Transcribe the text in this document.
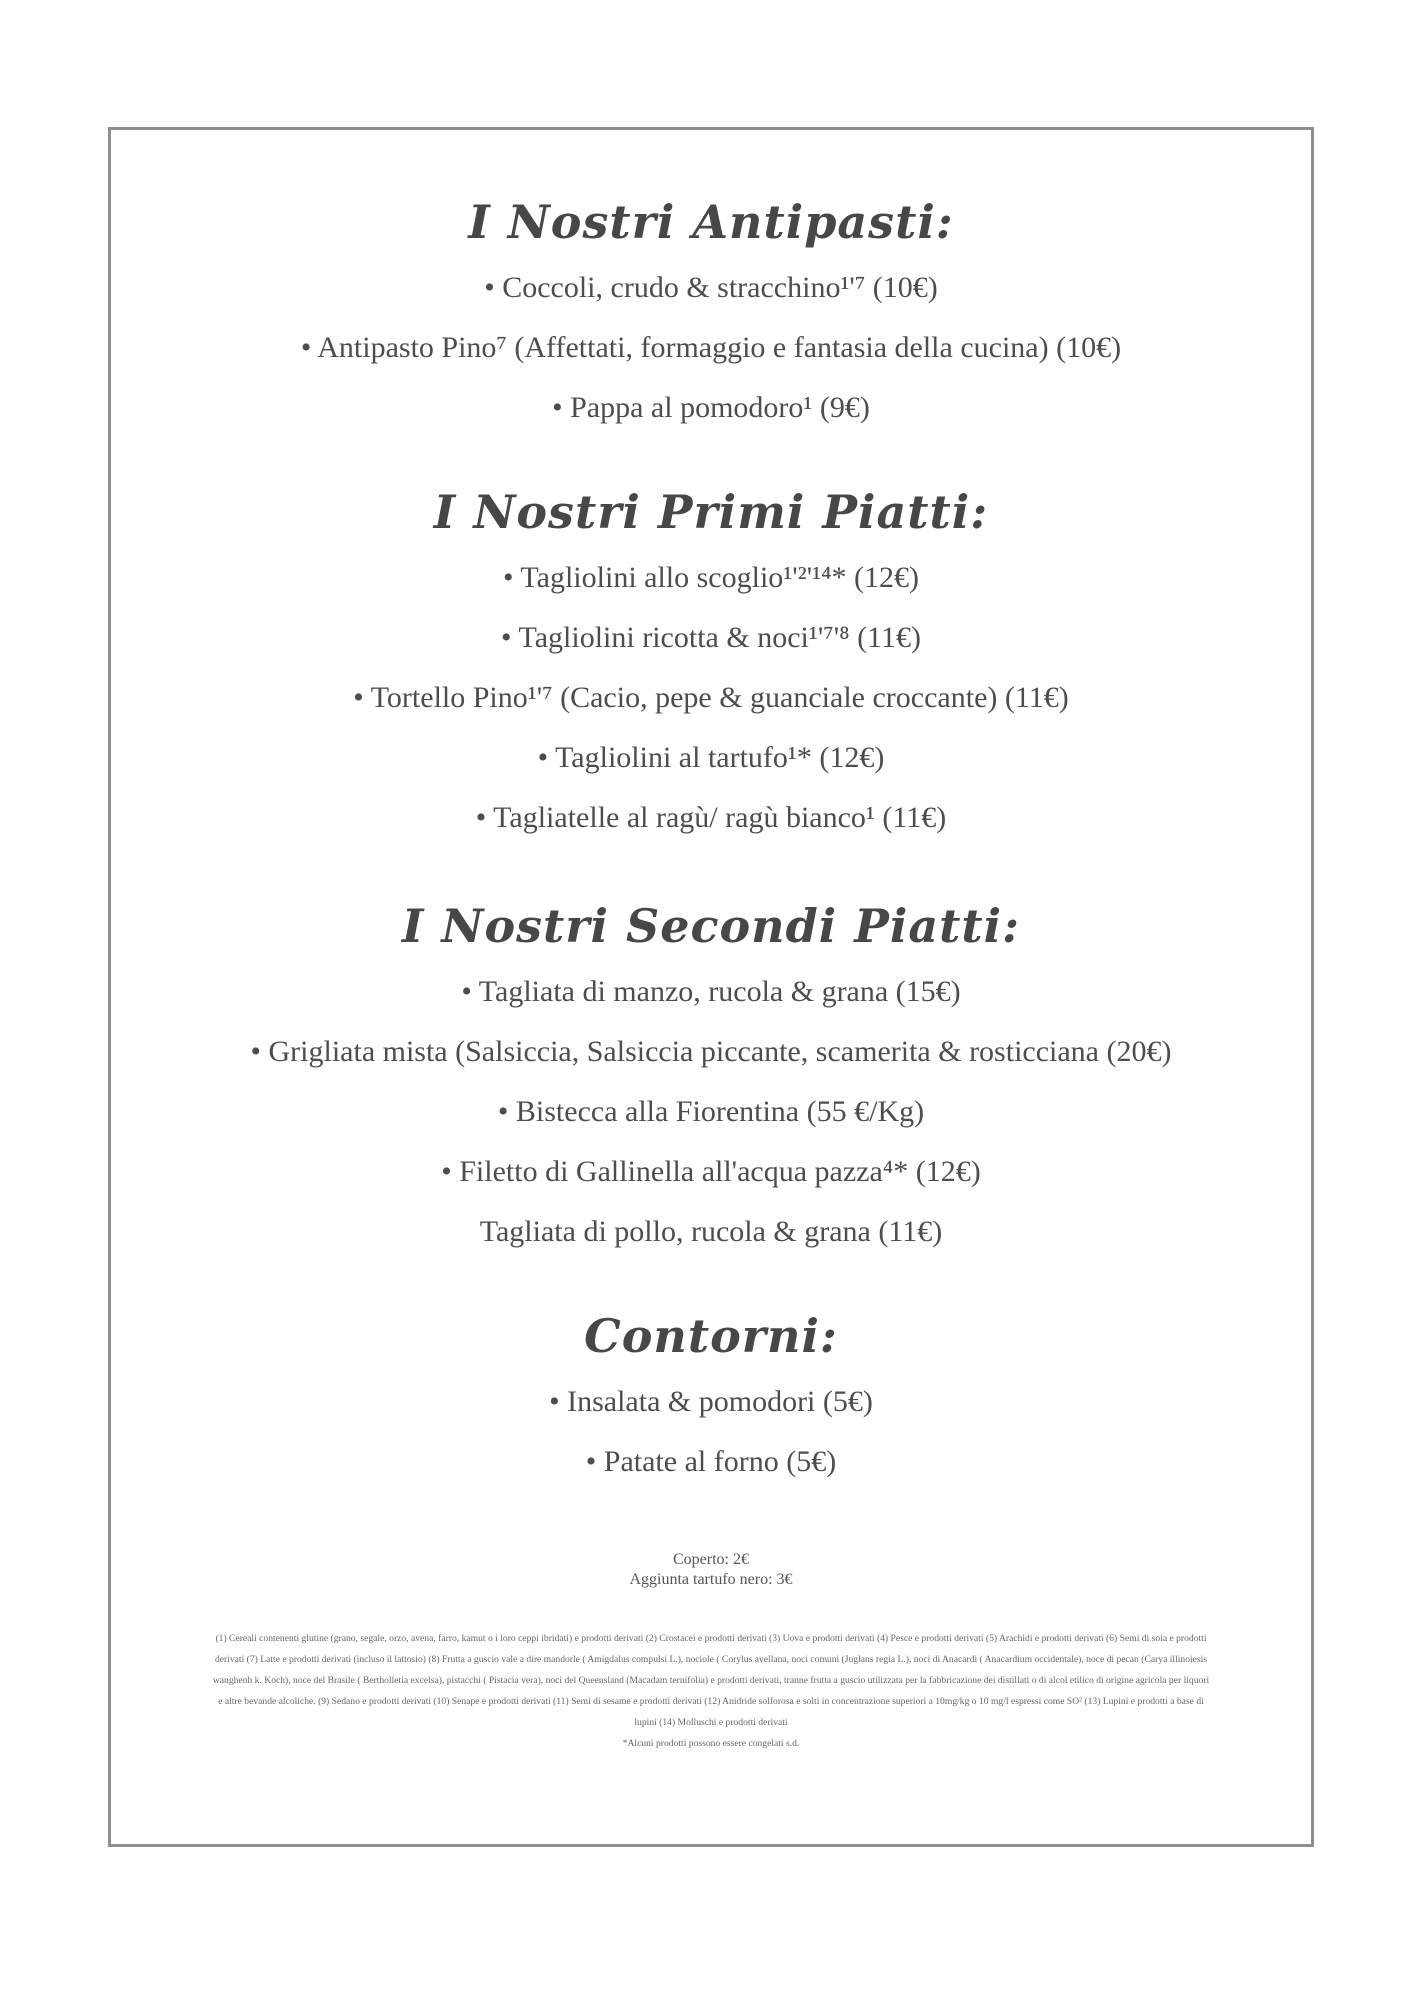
I Nostri Antipasti:
• Coccoli, crudo & stracchino¹'⁷ (10€)
• Antipasto Pino⁷ (Affettati, formaggio e fantasia della cucina) (10€)
• Pappa al pomodoro¹ (9€)
I Nostri Primi Piatti:
• Tagliolini allo scoglio¹'²'¹⁴* (12€)
• Tagliolini ricotta & noci¹'⁷'⁸ (11€)
• Tortello Pino¹'⁷ (Cacio, pepe & guanciale croccante) (11€)
• Tagliolini al tartufo¹* (12€)
• Tagliatelle al ragù/ ragù bianco¹ (11€)
I Nostri Secondi Piatti:
• Tagliata di manzo, rucola & grana (15€)
• Grigliata mista (Salsiccia, Salsiccia piccante, scamerita & rosticciana (20€)
• Bistecca alla Fiorentina (55 €/Kg)
• Filetto di Gallinella all'acqua pazza⁴* (12€)
Tagliata di pollo, rucola & grana (11€)
Contorni:
• Insalata & pomodori (5€)
• Patate al forno (5€)
Coperto: 2€
Aggiunta tartufo nero: 3€
(1) Cereali contenenti glutine (grano, segale, orzo, avena, farro, kamut o i loro ceppi ibridati) e prodotti derivati (2) Crostacei e prodotti derivati (3) Uova e prodotti derivati (4) Pesce e prodotti derivati (5) Arachidi e prodotti derivati (6) Semi di soia e prodotti derivati (7) Latte e prodotti derivati (incluso il lattosio) (8) Frutta a guscio vale a dire mandorle ( Amigdalus compulsi L.), nociole ( Corylus avellana, noci comuni (Juglans regia L.), noci di Anacardi ( Anacardium occidentale), noce di pecan (Carya illinoiesis wanghenh k. Koch), noce del Brasile ( Bertholletia excelsa), pistacchi ( Pistacia vera), noci del Queensland (Macadam ternifolia) e prodotti derivati, tranne frutta a guscio utilizzata per la fabbricazione dei distillati o di alcol etilico di origine agricola per liquori e altre bevande alcoliche. (9) Sedano e prodotti derivati (10) Senape e prodotti derivati (11) Semi di sesame e prodotti derivati (12) Anidride solforosa e solti in concentrazione superiori a 10mg/kg o 10 mg/l espressi come SO² (13) Lupini e prodotti a base di lupini (14) Molluschi e prodotti derivati
*Alcuni prodotti possono essere congelati s.d.
